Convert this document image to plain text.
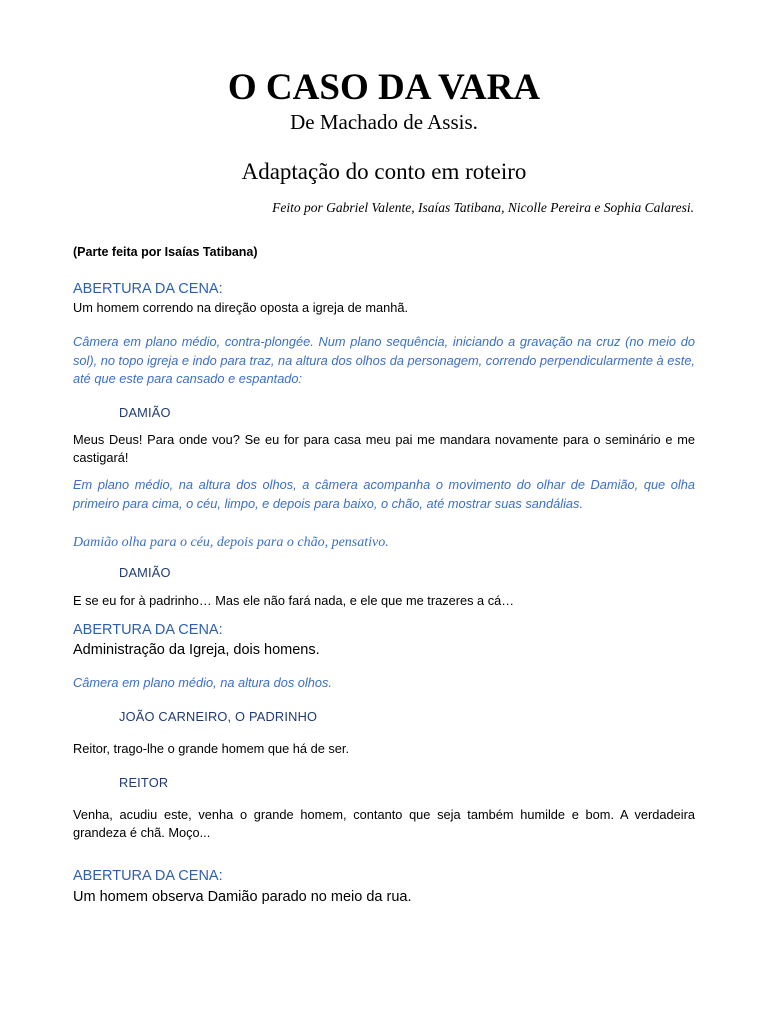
O CASO DA VARA

De Machado de Assis.

Adaptação do conto em roteiro

Feito por Gabriel Valente, Isaías Tatibana, Nicolle Pereira e Sophia Calaresi.

(Parte feita por Isaías Tatibana)

ABERTURA DA CENA:

Um homem correndo na direção oposta a igreja de manhã.

Câmera em plano médio, contra-plongée. Num plano sequência, iniciando a gravação na cruz (no meio do sol), no topo igreja e indo para traz, na altura dos olhos da personagem, correndo perpendicularmente à este, até que este para cansado e espantado:

DAMIÃO

Meus Deus! Para onde vou? Se eu for para casa meu pai me mandara novamente para o seminário e me castigará!

Em plano médio, na altura dos olhos, a câmera acompanha o movimento do olhar de Damião, que olha primeiro para cima, o céu, limpo, e depois para baixo, o chão, até mostrar suas sandálias.

Damião olha para o céu, depois para o chão, pensativo.

DAMIÃO

E se eu for à padrinho… Mas ele não fará nada, e ele que me trazeres a cá…

ABERTURA DA CENA:

Administração da Igreja, dois homens.

Câmera em plano médio, na altura dos olhos.

JOÃO CARNEIRO, O PADRINHO

Reitor, trago-lhe o grande homem que há de ser.

REITOR

Venha, acudiu este, venha o grande homem, contanto que seja também humilde e bom. A verdadeira grandeza é chã. Moço...

ABERTURA DA CENA:

Um homem observa Damião parado no meio da rua.
